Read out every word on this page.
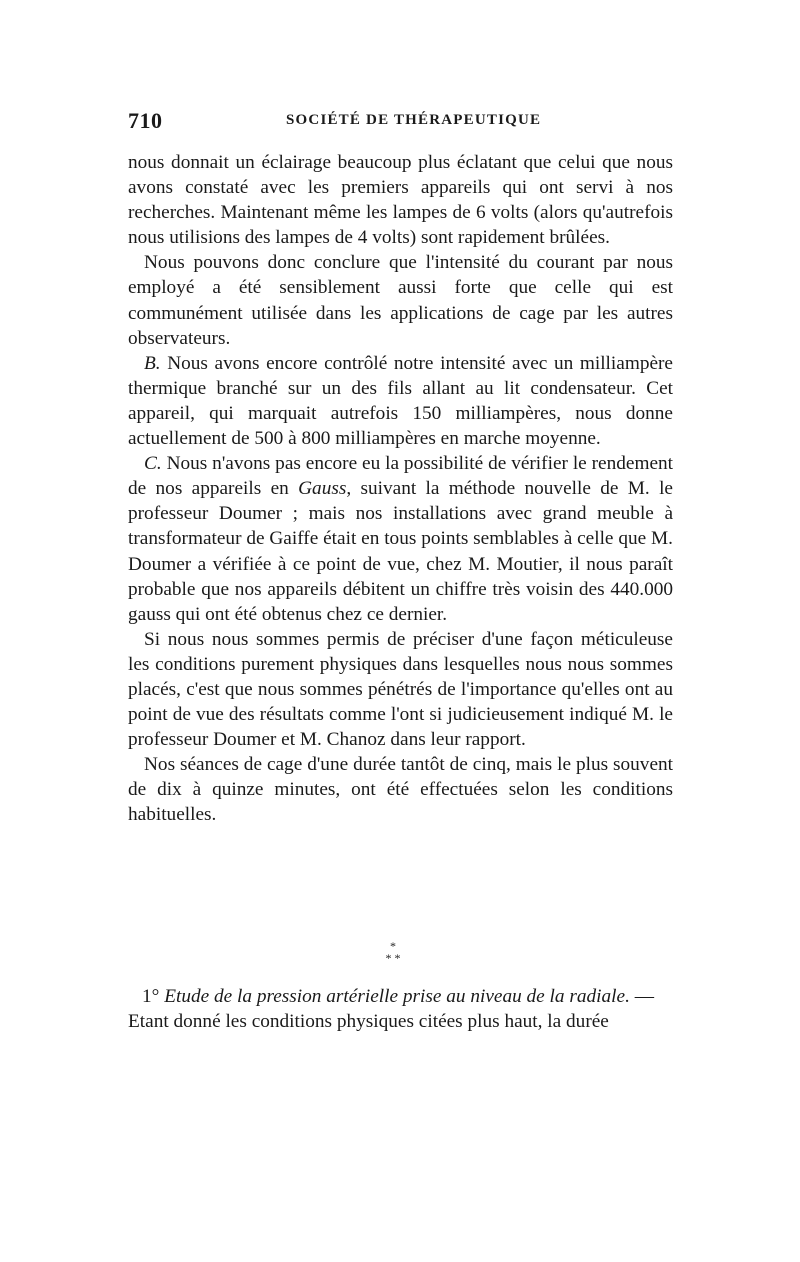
710	SOCIÉTÉ DE THÉRAPEUTIQUE

nous donnait un éclairage beaucoup plus éclatant que celui que nous avons constaté avec les premiers appareils qui ont servi à nos recherches. Maintenant même les lampes de 6 volts (alors qu'autrefois nous utilisions des lampes de 4 volts) sont rapidement brûlées.

Nous pouvons donc conclure que l'intensité du courant par nous employé a été sensiblement aussi forte que celle qui est communément utilisée dans les applications de cage par les autres observateurs.

B. Nous avons encore contrôlé notre intensité avec un milliampère thermique branché sur un des fils allant au lit condensateur. Cet appareil, qui marquait autrefois 150 milliampères, nous donne actuellement de 500 à 800 milliampères en marche moyenne.

C. Nous n'avons pas encore eu la possibilité de vérifier le rendement de nos appareils en Gauss, suivant la méthode nouvelle de M. le professeur Doumer ; mais nos installations avec grand meuble à transformateur de Gaiffe était en tous points semblables à celle que M. Doumer a vérifiée à ce point de vue, chez M. Moutier, il nous paraît probable que nos appareils débitent un chiffre très voisin des 440.000 gauss qui ont été obtenus chez ce dernier.

Si nous nous sommes permis de préciser d'une façon méticuleuse les conditions purement physiques dans lesquelles nous nous sommes placés, c'est que nous sommes pénétrés de l'importance qu'elles ont au point de vue des résultats comme l'ont si judicieusement indiqué M. le professeur Doumer et M. Chanoz dans leur rapport.

Nos séances de cage d'une durée tantôt de cinq, mais le plus souvent de dix à quinze minutes, ont été effectuées selon les conditions habituelles.

*
* *

1° Etude de la pression artérielle prise au niveau de la radiale. —

Etant donné les conditions physiques citées plus haut, la durée
